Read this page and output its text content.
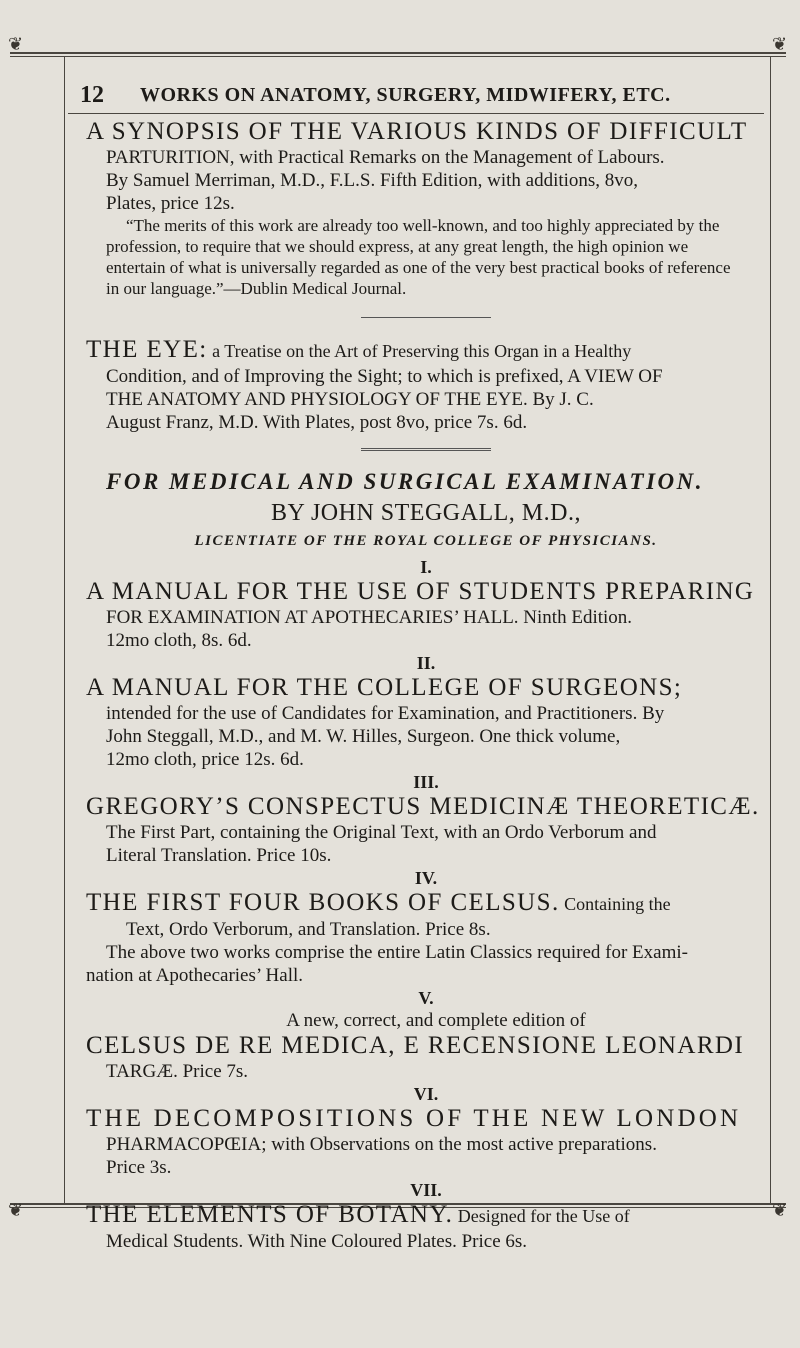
❦	❦
❦	❦
12	WORKS ON ANATOMY, SURGERY, MIDWIFERY, ETC.

A SYNOPSIS OF THE VARIOUS KINDS OF DIFFICULT

PARTURITION, with Practical Remarks on the Management of Labours.

By Samuel Merriman, M.D., F.L.S. Fifth Edition, with additions, 8vo,

Plates, price 12s.

“The merits of this work are already too well-known, and too highly appreciated by the

profession, to require that we should express, at any great length, the high opinion we

entertain of what is universally regarded as one of the very best practical books of reference

in our language.”—Dublin Medical Journal.

THE EYE: a Treatise on the Art of Preserving this Organ in a Healthy

Condition, and of Improving the Sight; to which is prefixed, A VIEW OF

THE ANATOMY AND PHYSIOLOGY OF THE EYE. By J. C.

August Franz, M.D. With Plates, post 8vo, price 7s. 6d.

FOR MEDICAL AND SURGICAL EXAMINATION.

BY JOHN STEGGALL, M.D.,

LICENTIATE OF THE ROYAL COLLEGE OF PHYSICIANS.

I.

A MANUAL FOR THE USE OF STUDENTS PREPARING

FOR EXAMINATION AT APOTHECARIES’ HALL. Ninth Edition.

12mo cloth, 8s. 6d.

II.

A MANUAL FOR THE COLLEGE OF SURGEONS;

intended for the use of Candidates for Examination, and Practitioners. By

John Steggall, M.D., and M. W. Hilles, Surgeon. One thick volume,

12mo cloth, price 12s. 6d.

III.

GREGORY’S CONSPECTUS MEDICINÆ THEORETICÆ.

The First Part, containing the Original Text, with an Ordo Verborum and

Literal Translation. Price 10s.

IV.

THE FIRST FOUR BOOKS OF CELSUS. Containing the

Text, Ordo Verborum, and Translation. Price 8s.

The above two works comprise the entire Latin Classics required for Exami-

nation at Apothecaries’ Hall.

V.

A new, correct, and complete edition of

CELSUS DE RE MEDICA, E RECENSIONE LEONARDI

TARGÆ. Price 7s.

VI.

THE DECOMPOSITIONS OF THE NEW LONDON

PHARMACOPŒIA; with Observations on the most active preparations.

Price 3s.

VII.

THE ELEMENTS OF BOTANY. Designed for the Use of

Medical Students. With Nine Coloured Plates. Price 6s.
